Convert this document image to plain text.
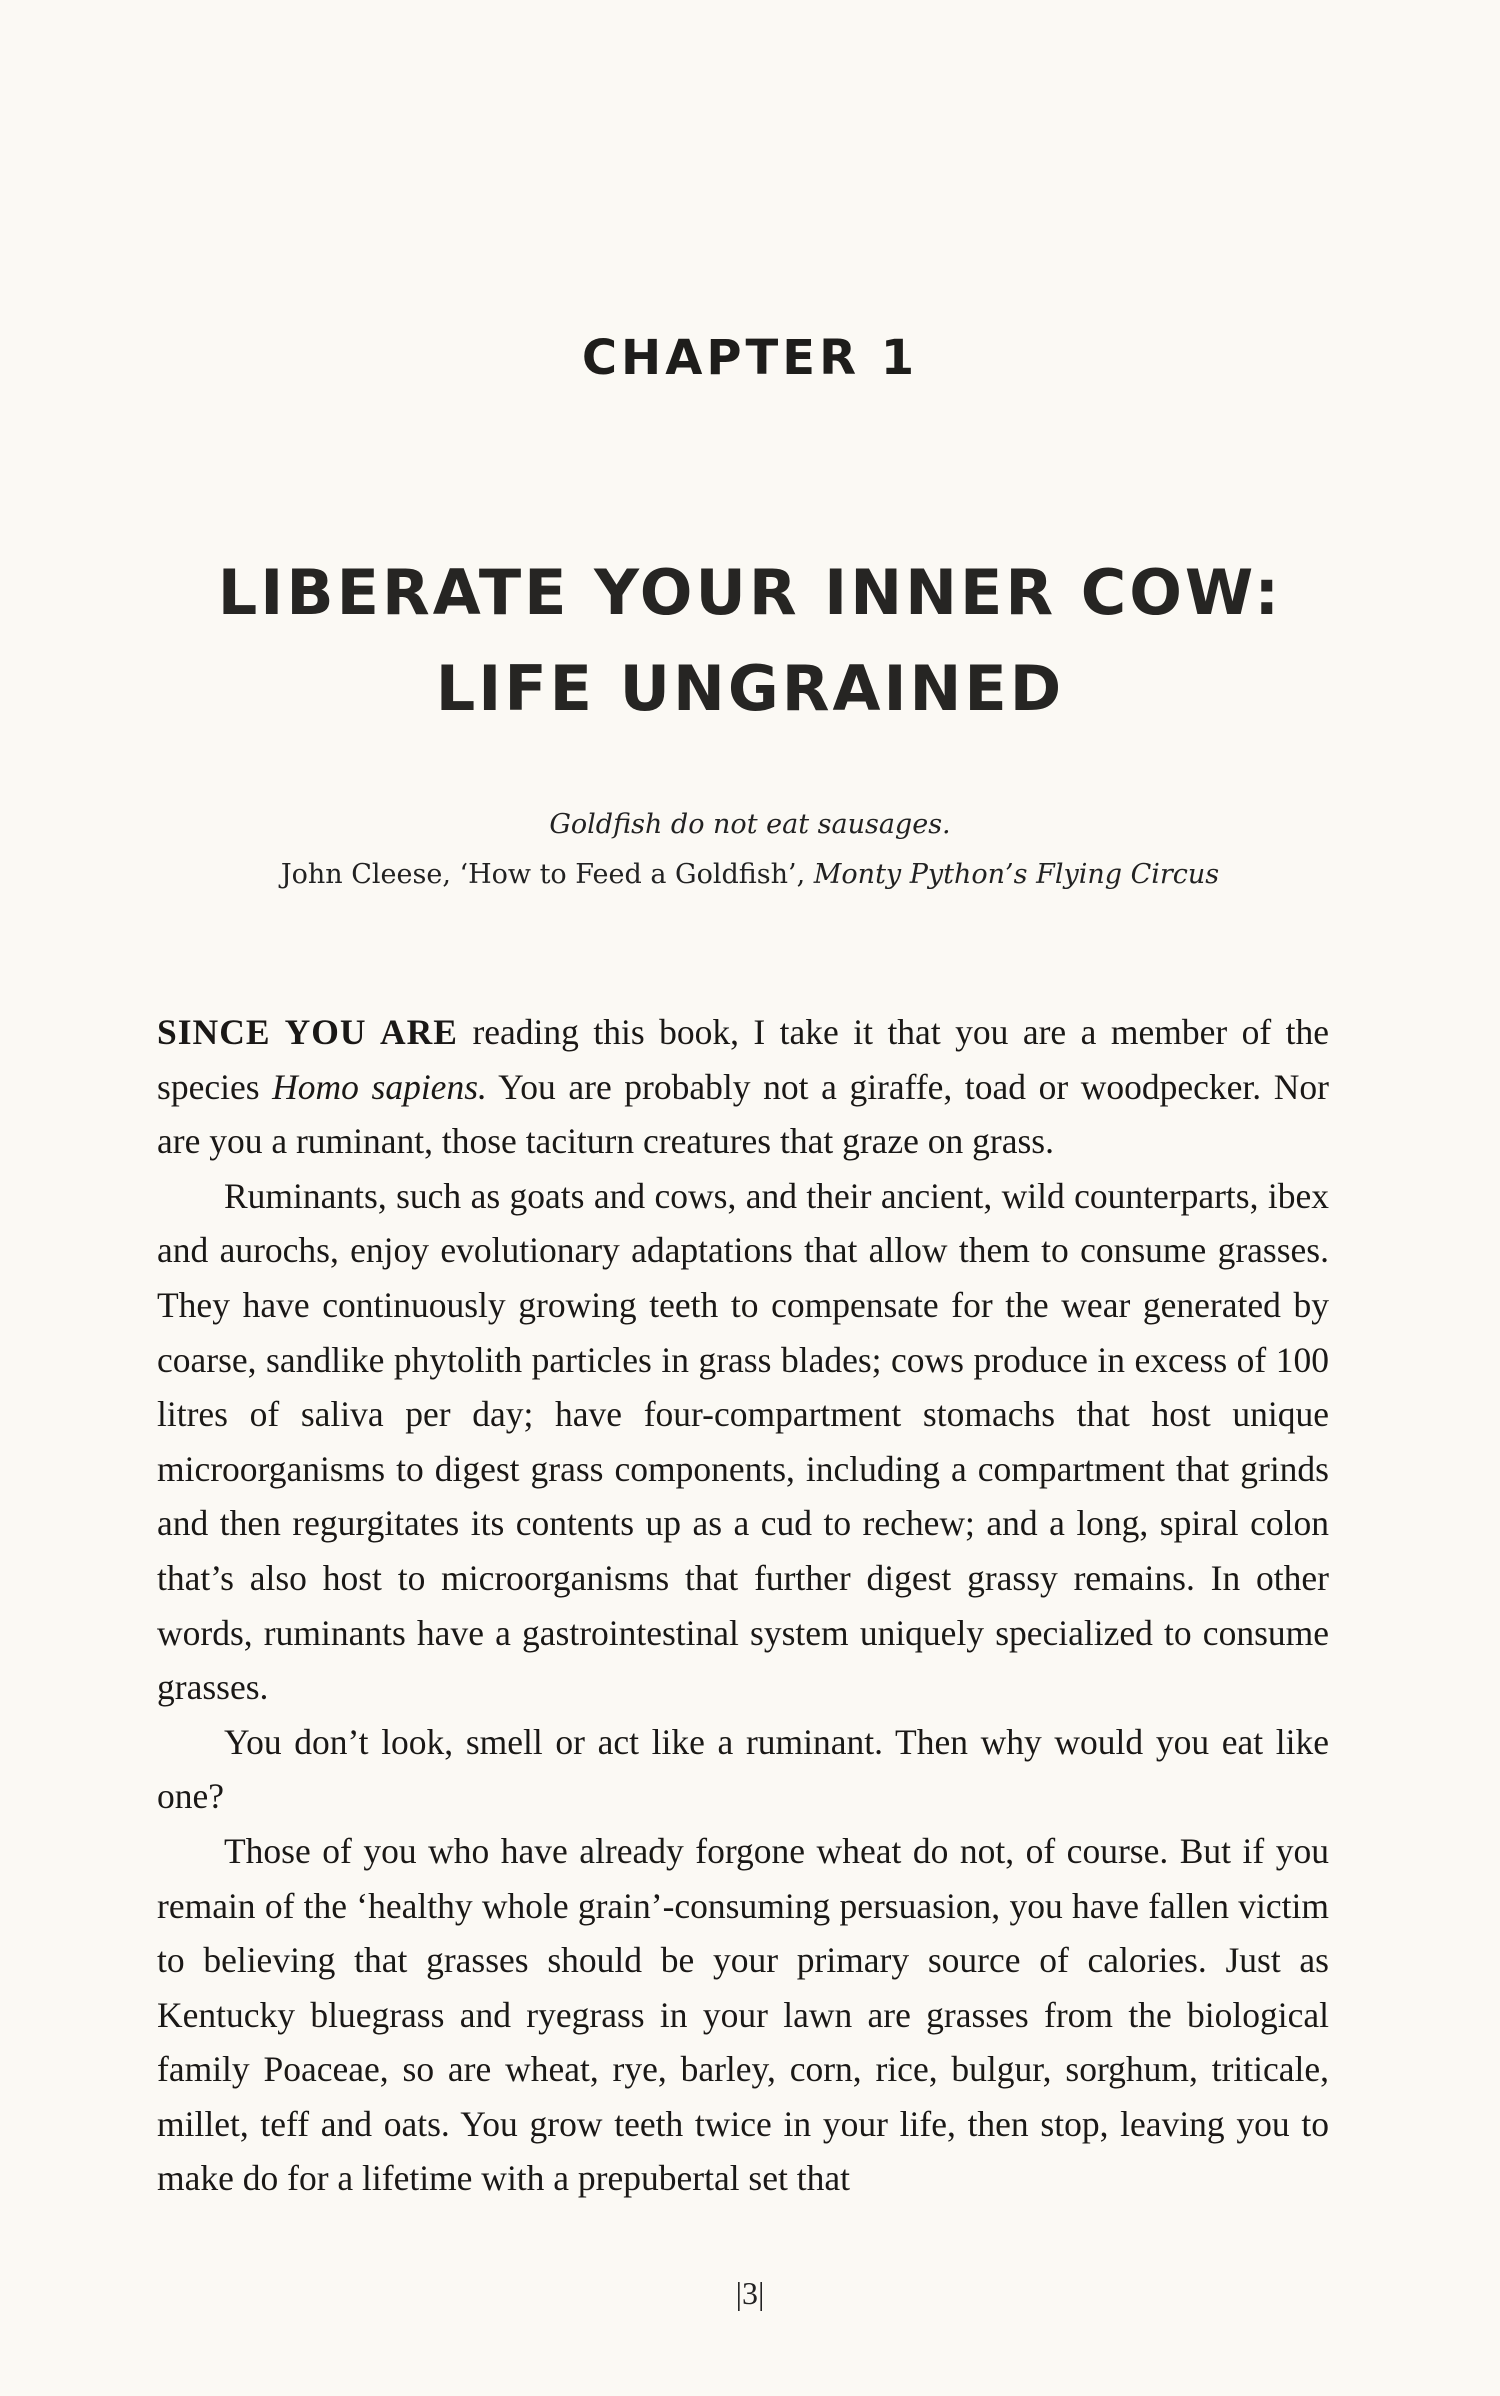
CHAPTER 1
LIBERATE YOUR INNER COW:
LIFE UNGRAINED
Goldfish do not eat sausages.
John Cleese, ‘How to Feed a Goldfish’, Monty Python’s Flying Circus

SINCE YOU ARE reading this book, I take it that you are a member of the species Homo sapiens. You are probably not a giraffe, toad or woodpecker. Nor are you a ruminant, those taciturn creatures that graze on grass.

Ruminants, such as goats and cows, and their ancient, wild counterparts, ibex and aurochs, enjoy evolutionary adaptations that allow them to consume grasses. They have continuously growing teeth to compensate for the wear generated by coarse, sandlike phytolith particles in grass blades; cows produce in excess of 100 litres of saliva per day; have four-compartment stomachs that host unique microorganisms to digest grass components, including a compartment that grinds and then regurgitates its contents up as a cud to rechew; and a long, spiral colon that’s also host to microorganisms that further digest grassy remains. In other words, ruminants have a gastrointestinal system uniquely specialized to consume grasses.

You don’t look, smell or act like a ruminant. Then why would you eat like one?

Those of you who have already forgone wheat do not, of course. But if you remain of the ‘healthy whole grain’-consuming persuasion, you have fallen victim to believing that grasses should be your primary source of calories. Just as Kentucky bluegrass and ryegrass in your lawn are grasses from the biological family Poaceae, so are wheat, rye, barley, corn, rice, bulgur, sorghum, triticale, millet, teff and oats. You grow teeth twice in your life, then stop, leaving you to make do for a lifetime with a prepubertal set that

|3|
